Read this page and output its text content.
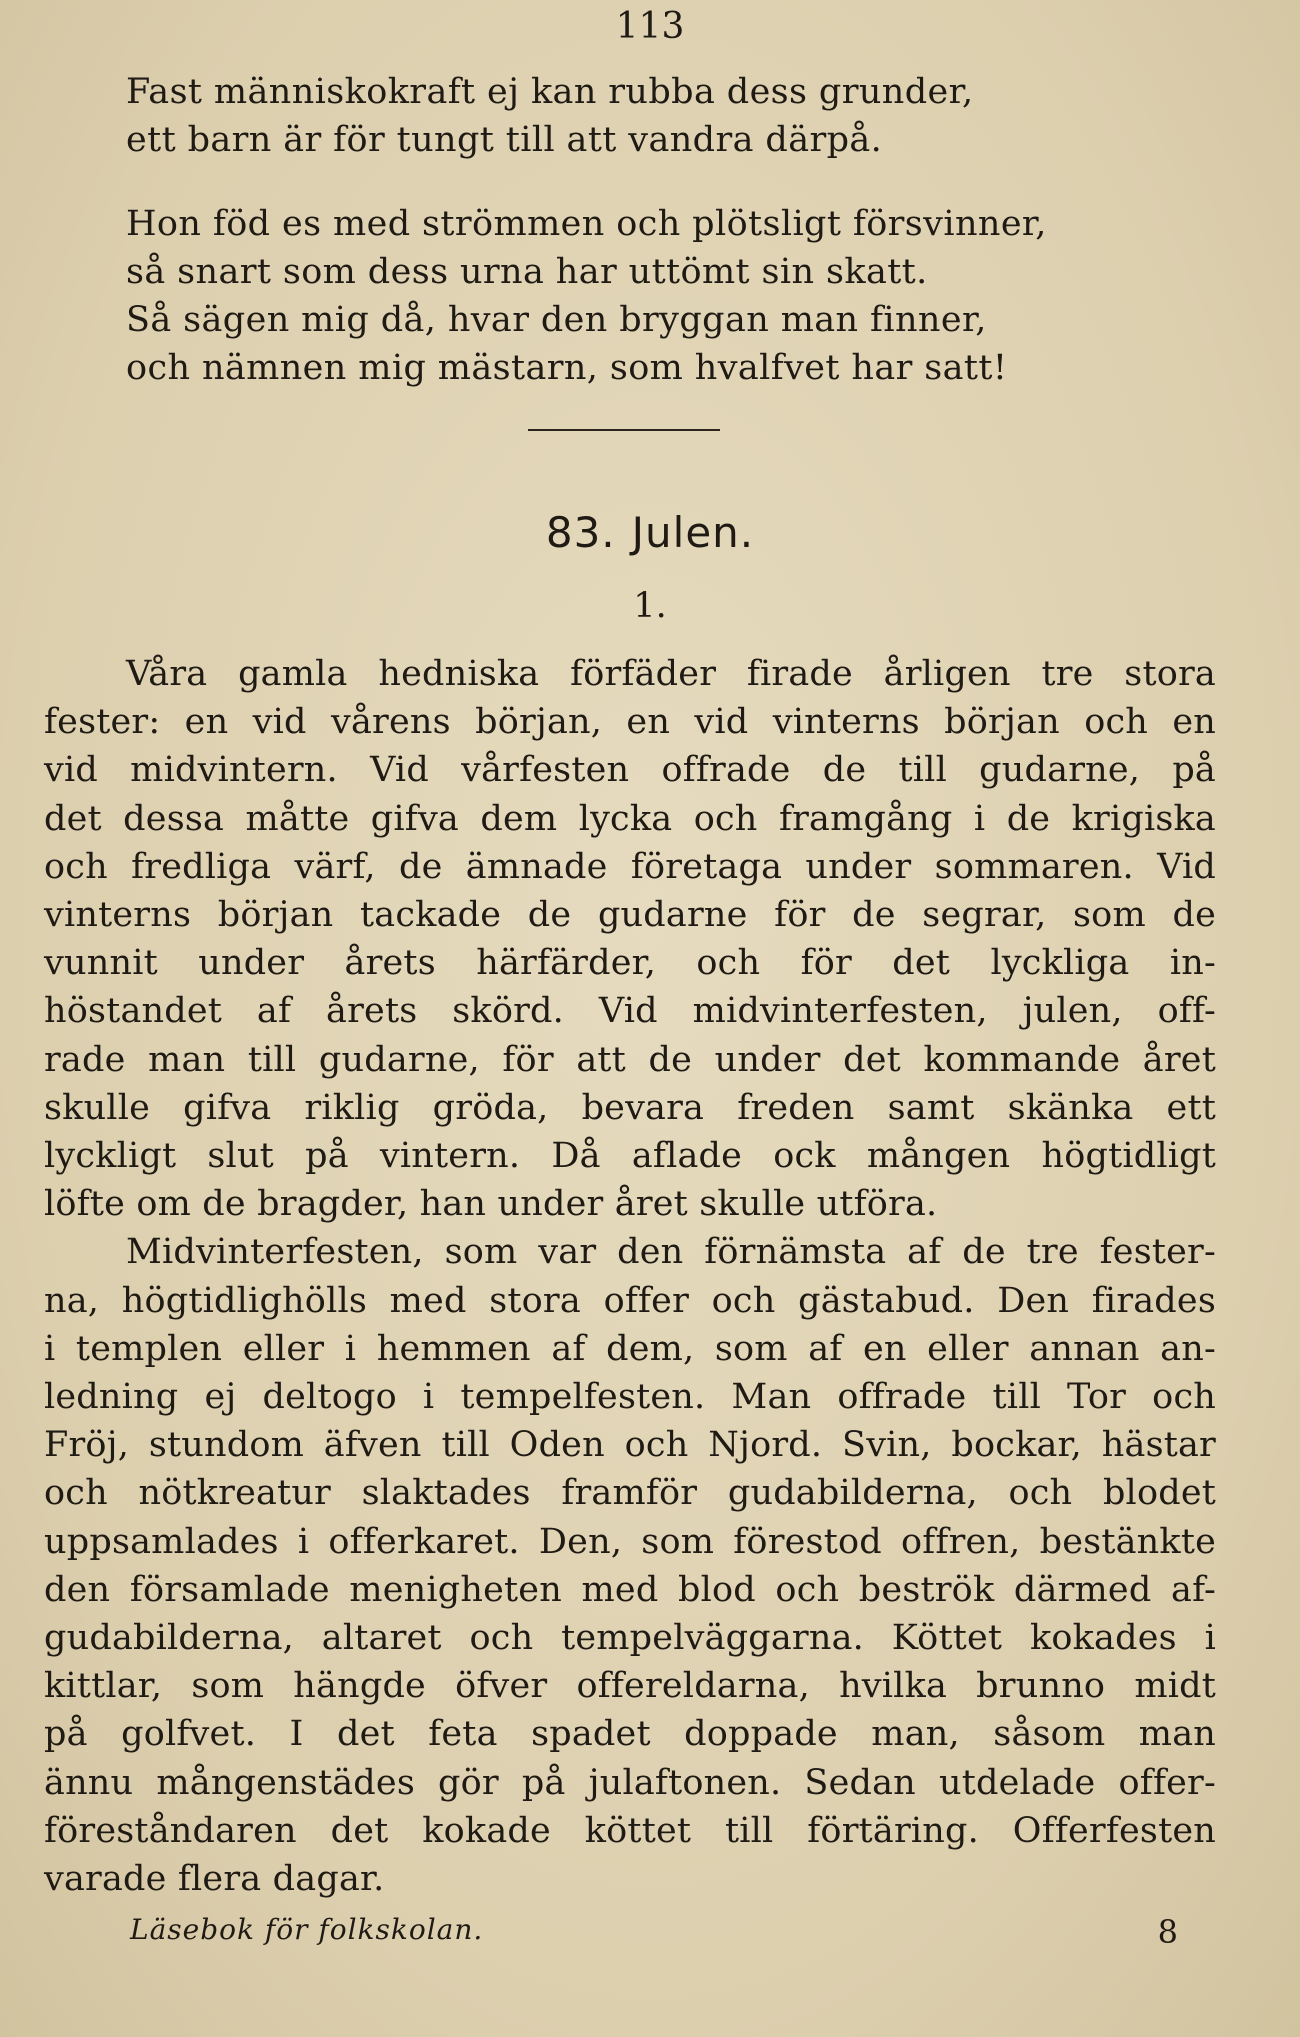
113
Fast människokraft ej kan rubba dess grunder,
ett barn är för tungt till att vandra därpå.
Hon föd es med strömmen och plötsligt försvinner,
så snart som dess urna har uttömt sin skatt.
Så sägen mig då, hvar den bryggan man finner,
och nämnen mig mästarn, som hvalfvet har satt!
83. Julen.
1.
Våra gamla hedniska förfäder firade årligen tre stora
fester: en vid vårens början, en vid vinterns början och en
vid midvintern. Vid vårfesten offrade de till gudarne, på
det dessa måtte gifva dem lycka och framgång i de krigiska
och fredliga värf, de ämnade företaga under sommaren. Vid
vinterns början tackade de gudarne för de segrar, som de
vunnit under årets härfärder, och för det lyckliga in-
höstandet af årets skörd. Vid midvinterfesten, julen, off-
rade man till gudarne, för att de under det kommande året
skulle gifva riklig gröda, bevara freden samt skänka ett
lyckligt slut på vintern. Då aflade ock mången högtidligt
löfte om de bragder, han under året skulle utföra.
Midvinterfesten, som var den förnämsta af de tre fester-
na, högtidlighölls med stora offer och gästabud. Den firades
i templen eller i hemmen af dem, som af en eller annan an-
ledning ej deltogo i tempelfesten. Man offrade till Tor och
Fröj, stundom äfven till Oden och Njord. Svin, bockar, hästar
och nötkreatur slaktades framför gudabilderna, och blodet
uppsamlades i offerkaret. Den, som förestod offren, bestänkte
den församlade menigheten med blod och beströk därmed af-
gudabilderna, altaret och tempelväggarna. Köttet kokades i
kittlar, som hängde öfver offereldarna, hvilka brunno midt
på golfvet. I det feta spadet doppade man, såsom man
ännu mångenstädes gör på julaftonen. Sedan utdelade offer-
föreståndaren det kokade köttet till förtäring. Offerfesten
varade flera dagar.
Läsebok för folkskolan.	8
